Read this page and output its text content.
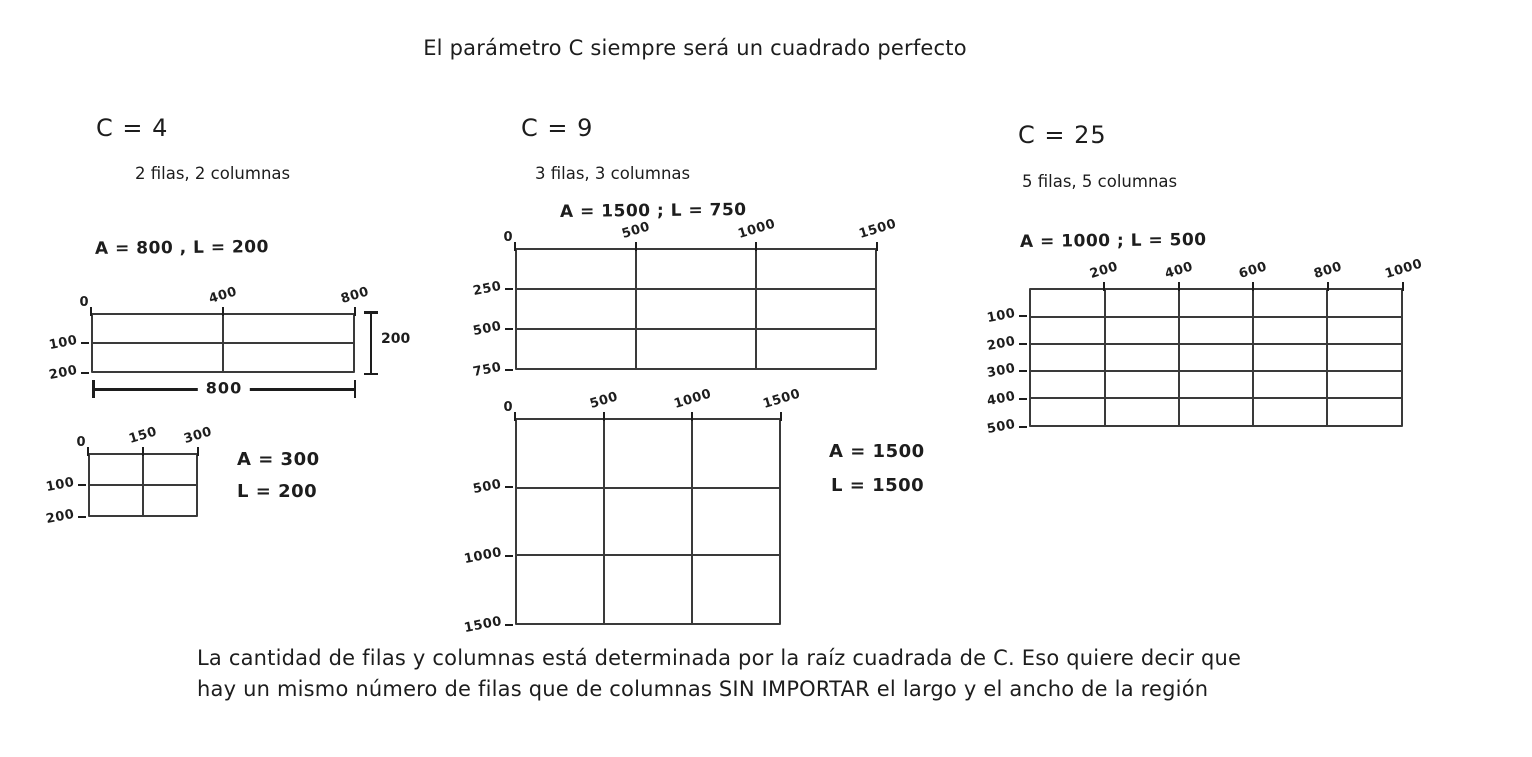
El parámetro C siempre será un cuadrado perfecto
C = 4
2 filas, 2 columnas
A = 800 , L = 200
0	400	800
100
200
200
800
0	150 300
100
200
A = 300
L = 200
C = 9
3 filas, 3 columnas
A = 1500 ; L = 750
0	500	1000	1500
250
500
750
0	500	1000	1500
500
1000
1500
A = 1500
L = 1500
C = 25
5 filas, 5 columnas
A = 1000 ; L = 500
200	400	600	800	1000
100
200
300
400
500
La cantidad de filas y columnas está determinada por la raíz cuadrada de C. Eso quiere decir que
hay un mismo número de filas que de columnas SIN IMPORTAR el largo y el ancho de la región
